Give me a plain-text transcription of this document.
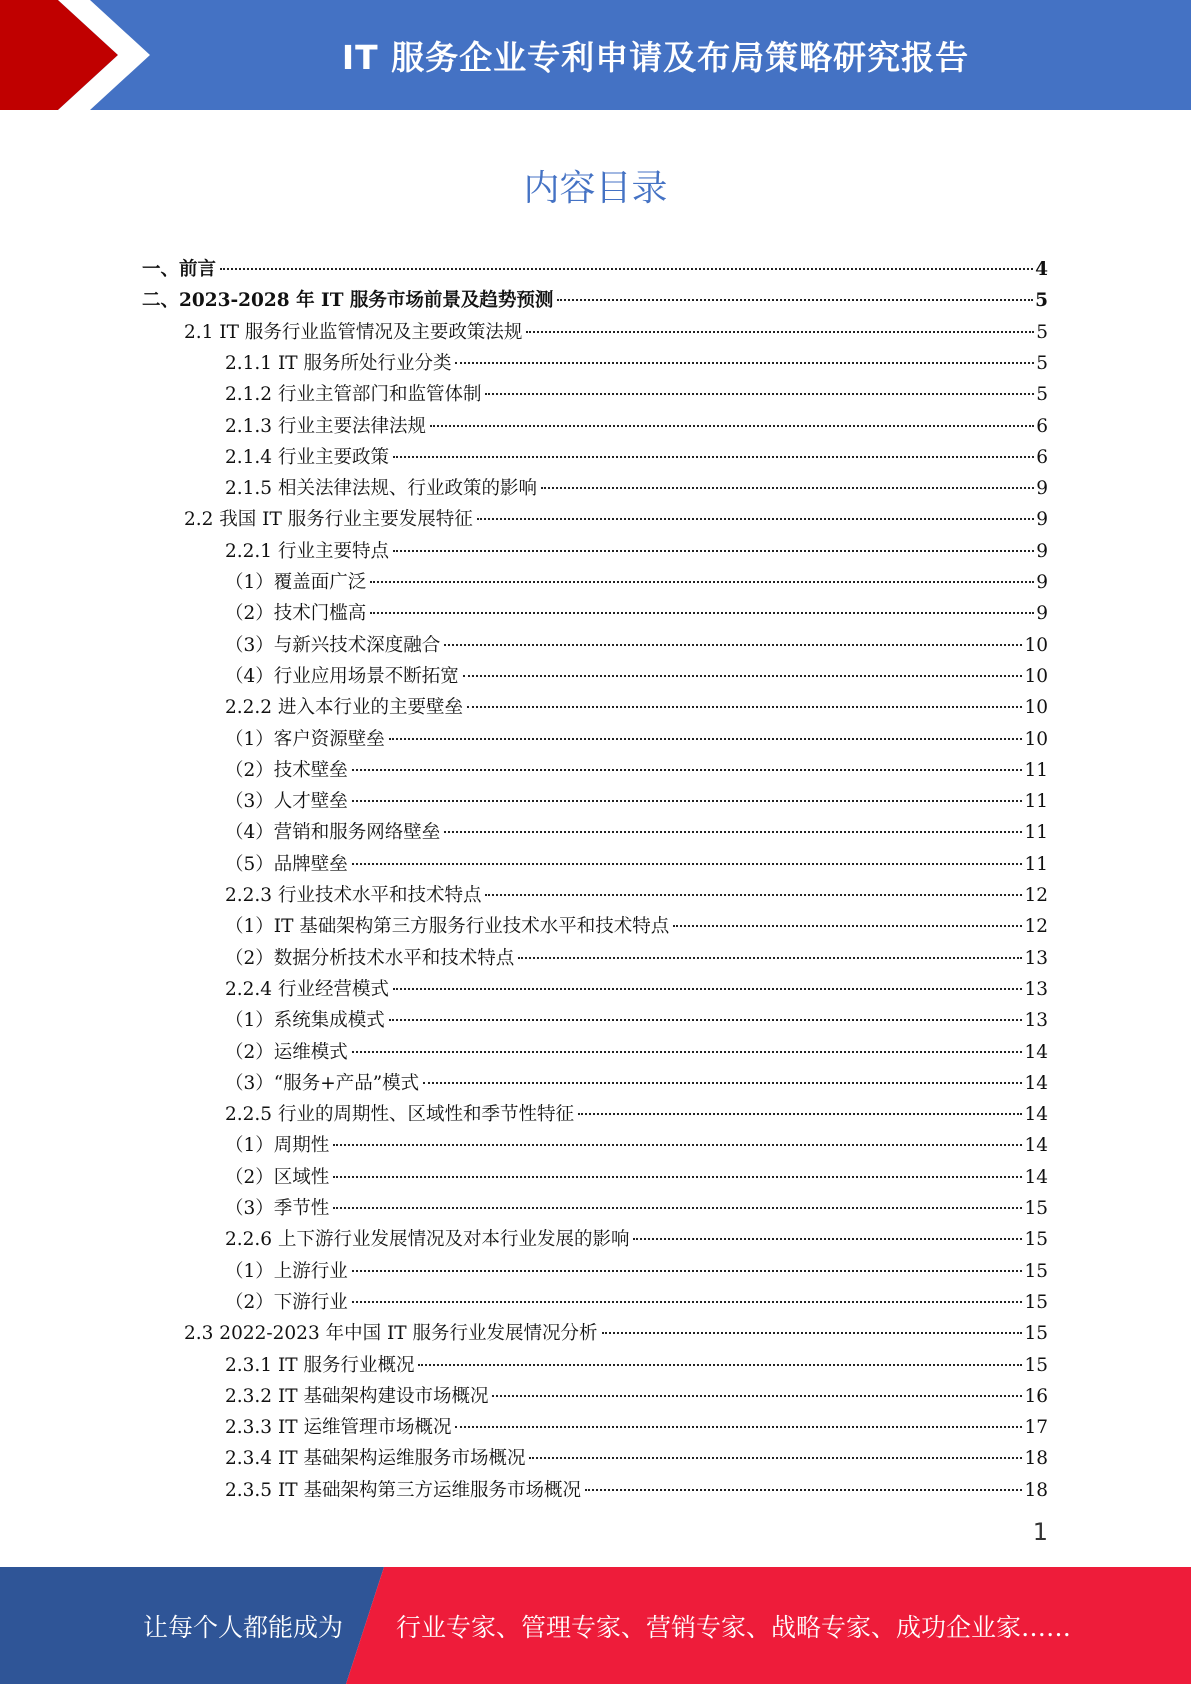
IT 服务企业专利申请及布局策略研究报告
内容目录
一、前言	4
二、2023-2028 年 IT 服务市场前景及趋势预测	5
2.1 IT 服务行业监管情况及主要政策法规	5
2.1.1 IT 服务所处行业分类	5
2.1.2 行业主管部门和监管体制	5
2.1.3 行业主要法律法规	6
2.1.4 行业主要政策	6
2.1.5 相关法律法规、行业政策的影响	9
2.2 我国 IT 服务行业主要发展特征	9
2.2.1 行业主要特点	9
（1）覆盖面广泛	9
（2）技术门槛高	9
（3）与新兴技术深度融合	10
（4）行业应用场景不断拓宽	10
2.2.2 进入本行业的主要壁垒	10
（1）客户资源壁垒	10
（2）技术壁垒	11
（3）人才壁垒	11
（4）营销和服务网络壁垒	11
（5）品牌壁垒	11
2.2.3 行业技术水平和技术特点	12
（1）IT 基础架构第三方服务行业技术水平和技术特点	12
（2）数据分析技术水平和技术特点	13
2.2.4 行业经营模式	13
（1）系统集成模式	13
（2）运维模式	14
（3）“服务+产品”模式	14
2.2.5 行业的周期性、区域性和季节性特征	14
（1）周期性	14
（2）区域性	14
（3）季节性	15
2.2.6 上下游行业发展情况及对本行业发展的影响	15
（1）上游行业	15
（2）下游行业	15
2.3 2022-2023 年中国 IT 服务行业发展情况分析	15
2.3.1 IT 服务行业概况	15
2.3.2 IT 基础架构建设市场概况	16
2.3.3 IT 运维管理市场概况	17
2.3.4 IT 基础架构运维服务市场概况	18
2.3.5 IT 基础架构第三方运维服务市场概况	18
1
让每个人都能成为 行业专家、管理专家、营销专家、战略专家、成功企业家……
